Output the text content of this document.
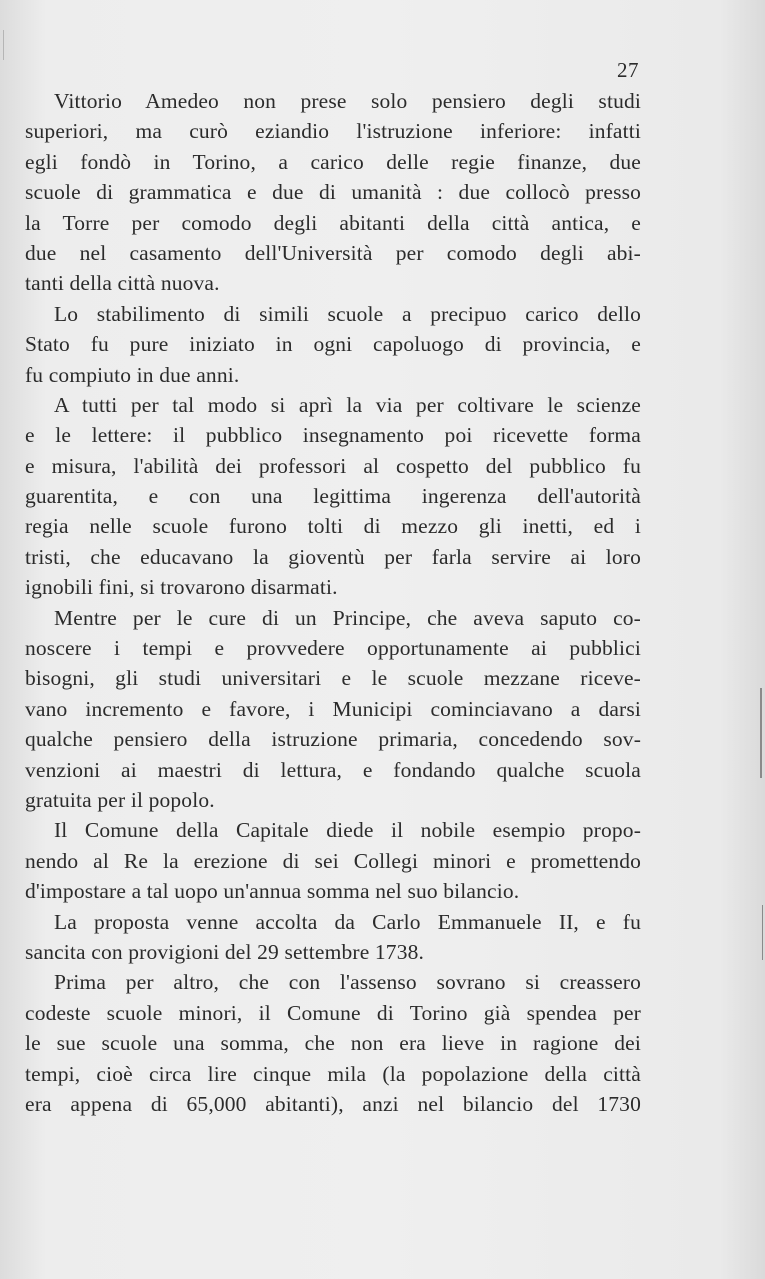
27
Vittorio Amedeo non prese solo pensiero degli studi
superiori, ma curò eziandio l'istruzione inferiore: infatti
egli fondò in Torino, a carico delle regie finanze, due
scuole di grammatica e due di umanità : due collocò presso
la Torre per comodo degli abitanti della città antica, e
due nel casamento dell'Università per comodo degli abi-
tanti della città nuova.
Lo stabilimento di simili scuole a precipuo carico dello
Stato fu pure iniziato in ogni capoluogo di provincia, e
fu compiuto in due anni.
A tutti per tal modo si aprì la via per coltivare le scienze
e le lettere: il pubblico insegnamento poi ricevette forma
e misura, l'abilità dei professori al cospetto del pubblico fu
guarentita, e con una legittima ingerenza dell'autorità
regia nelle scuole furono tolti di mezzo gli inetti, ed i
tristi, che educavano la gioventù per farla servire ai loro
ignobili fini, si trovarono disarmati.
Mentre per le cure di un Principe, che aveva saputo co-
noscere i tempi e provvedere opportunamente ai pubblici
bisogni, gli studi universitari e le scuole mezzane riceve-
vano incremento e favore, i Municipi cominciavano a darsi
qualche pensiero della istruzione primaria, concedendo sov-
venzioni ai maestri di lettura, e fondando qualche scuola
gratuita per il popolo.
Il Comune della Capitale diede il nobile esempio propo-
nendo al Re la erezione di sei Collegi minori e promettendo
d'impostare a tal uopo un'annua somma nel suo bilancio.
La proposta venne accolta da Carlo Emmanuele II, e fu
sancita con provigioni del 29 settembre 1738.
Prima per altro, che con l'assenso sovrano si creassero
codeste scuole minori, il Comune di Torino già spendea per
le sue scuole una somma, che non era lieve in ragione dei
tempi, cioè circa lire cinque mila (la popolazione della città
era appena di 65,000 abitanti), anzi nel bilancio del 1730
